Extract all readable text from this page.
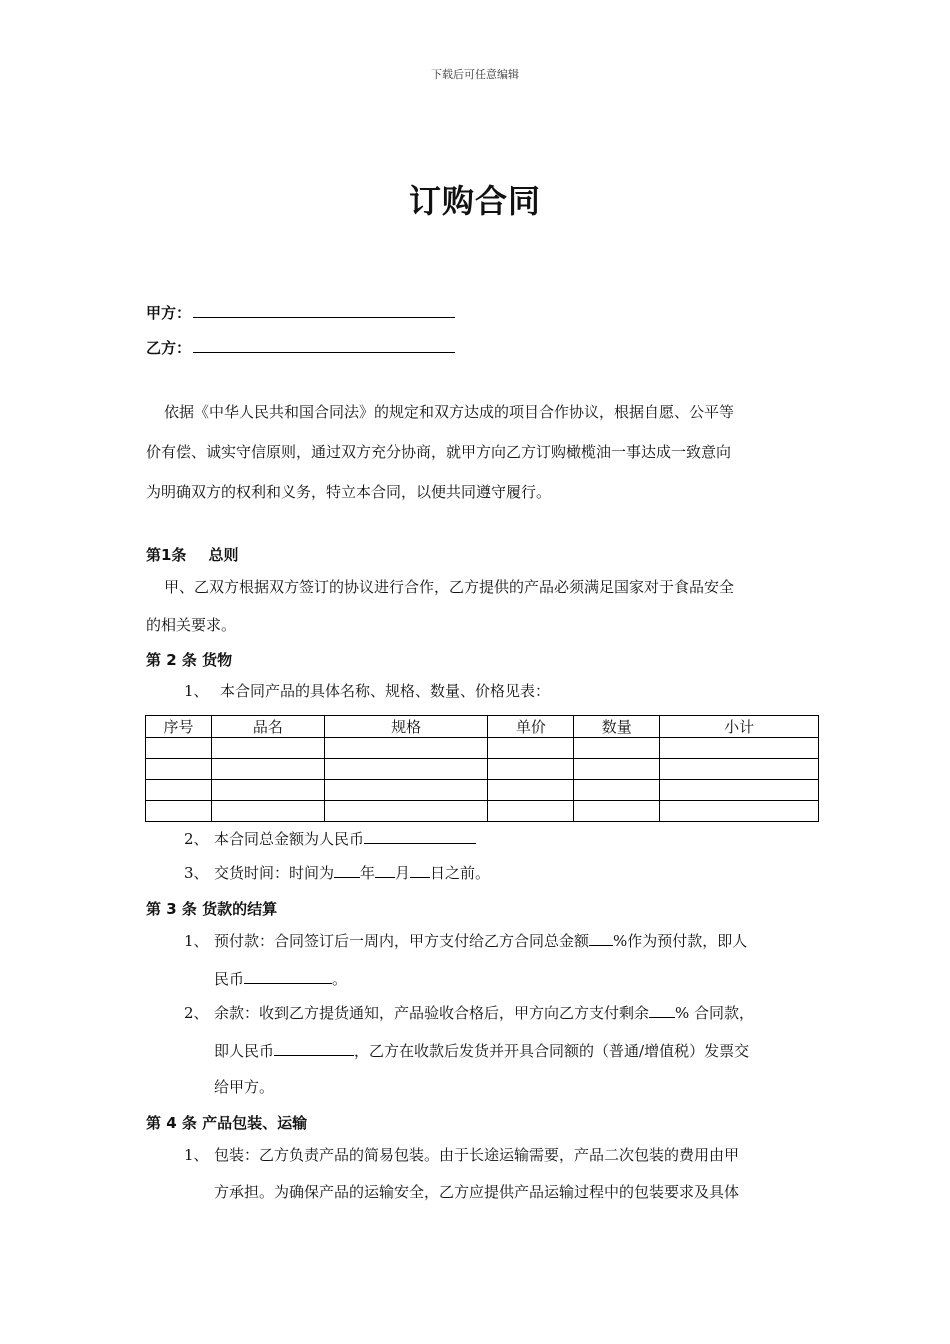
下载后可任意编辑
订购合同
甲方：
乙方：
依据《中华人民共和国合同法》的规定和双方达成的项目合作协议，根据自愿、公平等
价有偿、诚实守信原则，通过双方充分协商，就甲方向乙方订购橄榄油一事达成一致意向
为明确双方的权利和义务，特立本合同，以便共同遵守履行。
第1条 总则
甲、乙双方根据双方签订的协议进行合作，乙方提供的产品必须满足国家对于食品安全
的相关要求。
第 2 条 货物
1、 本合同产品的具体名称、规格、数量、价格见表：
序号	品名	规格	单价	数量	小计

2、 本合同总金额为人民币
3、 交货时间：时间为 年 月 日之前。
第 3 条 货款的结算
1、 预付款：合同签订后一周内，甲方支付给乙方合同总金额 %作为预付款，即人
民币	。
2、 余款：收到乙方提货通知，产品验收合格后，甲方向乙方支付剩余 % 合同款，
即人民币	，乙方在收款后发货并开具合同额的（普通/增值税）发票交
给甲方。
第 4 条 产品包装、运输
1、 包装：乙方负责产品的简易包装。由于长途运输需要，产品二次包装的费用由甲
方承担。为确保产品的运输安全，乙方应提供产品运输过程中的包装要求及具体
